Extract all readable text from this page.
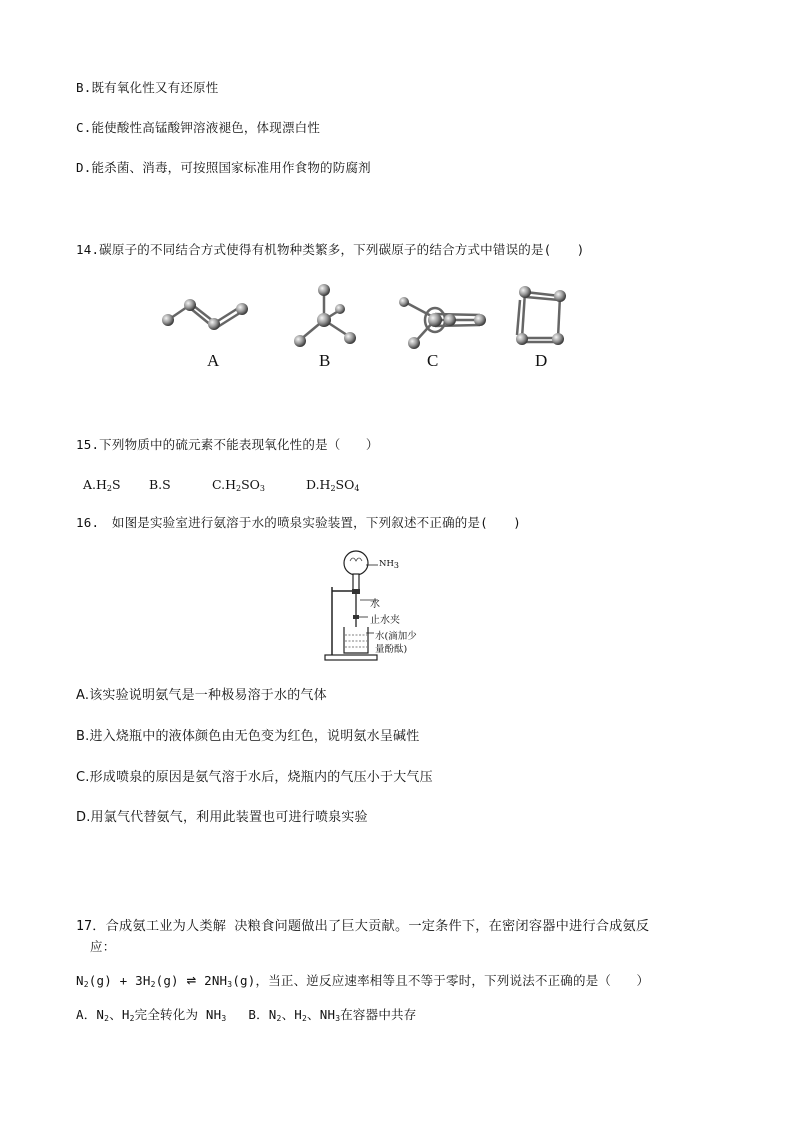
B.既有氧化性又有还原性
C.能使酸性高锰酸钾溶液褪色，体现漂白性
D.能杀菌、消毒，可按照国家标准用作食物的防腐剂
14.碳原子的不同结合方式使得有机物种类繁多，下列碳原子的结合方式中错误的是(　　)
A	B	C	D
15.下列物质中的硫元素不能表现氧化性的是（　　）
$A.H_2S$ B.S	$C.H_2SO_3$	$D.H_2SO_4$
16.　如图是实验室进行氨溶于水的喷泉实验装置，下列叙述不正确的是(　　)
$NH_3$
水
止水夹
水(滴加少
量酚酞)
A.该实验说明氨气是一种极易溶于水的气体
B.进入烧瓶中的液体颜色由无色变为红色，说明氨水呈碱性
C.形成喷泉的原因是氨气溶于水后，烧瓶内的气压小于大气压
D.用氯气代替氨气，利用此装置也可进行喷泉实验
17．合成氨工业为人类解 决粮食问题做出了巨大贡献。一定条件下，在密闭容器中进行合成氨反
应：
$N_2(g) + 3H_2(g)$ ⇌ $2NH_3(g)$，当正、逆反应速率相等且不等于零时，下列说法不正确的是（　　）
A．$N_2$、$H_2$完全转化为 $NH_3$ B．$N_2$、$H_2$、$NH_3$在容器中共存
